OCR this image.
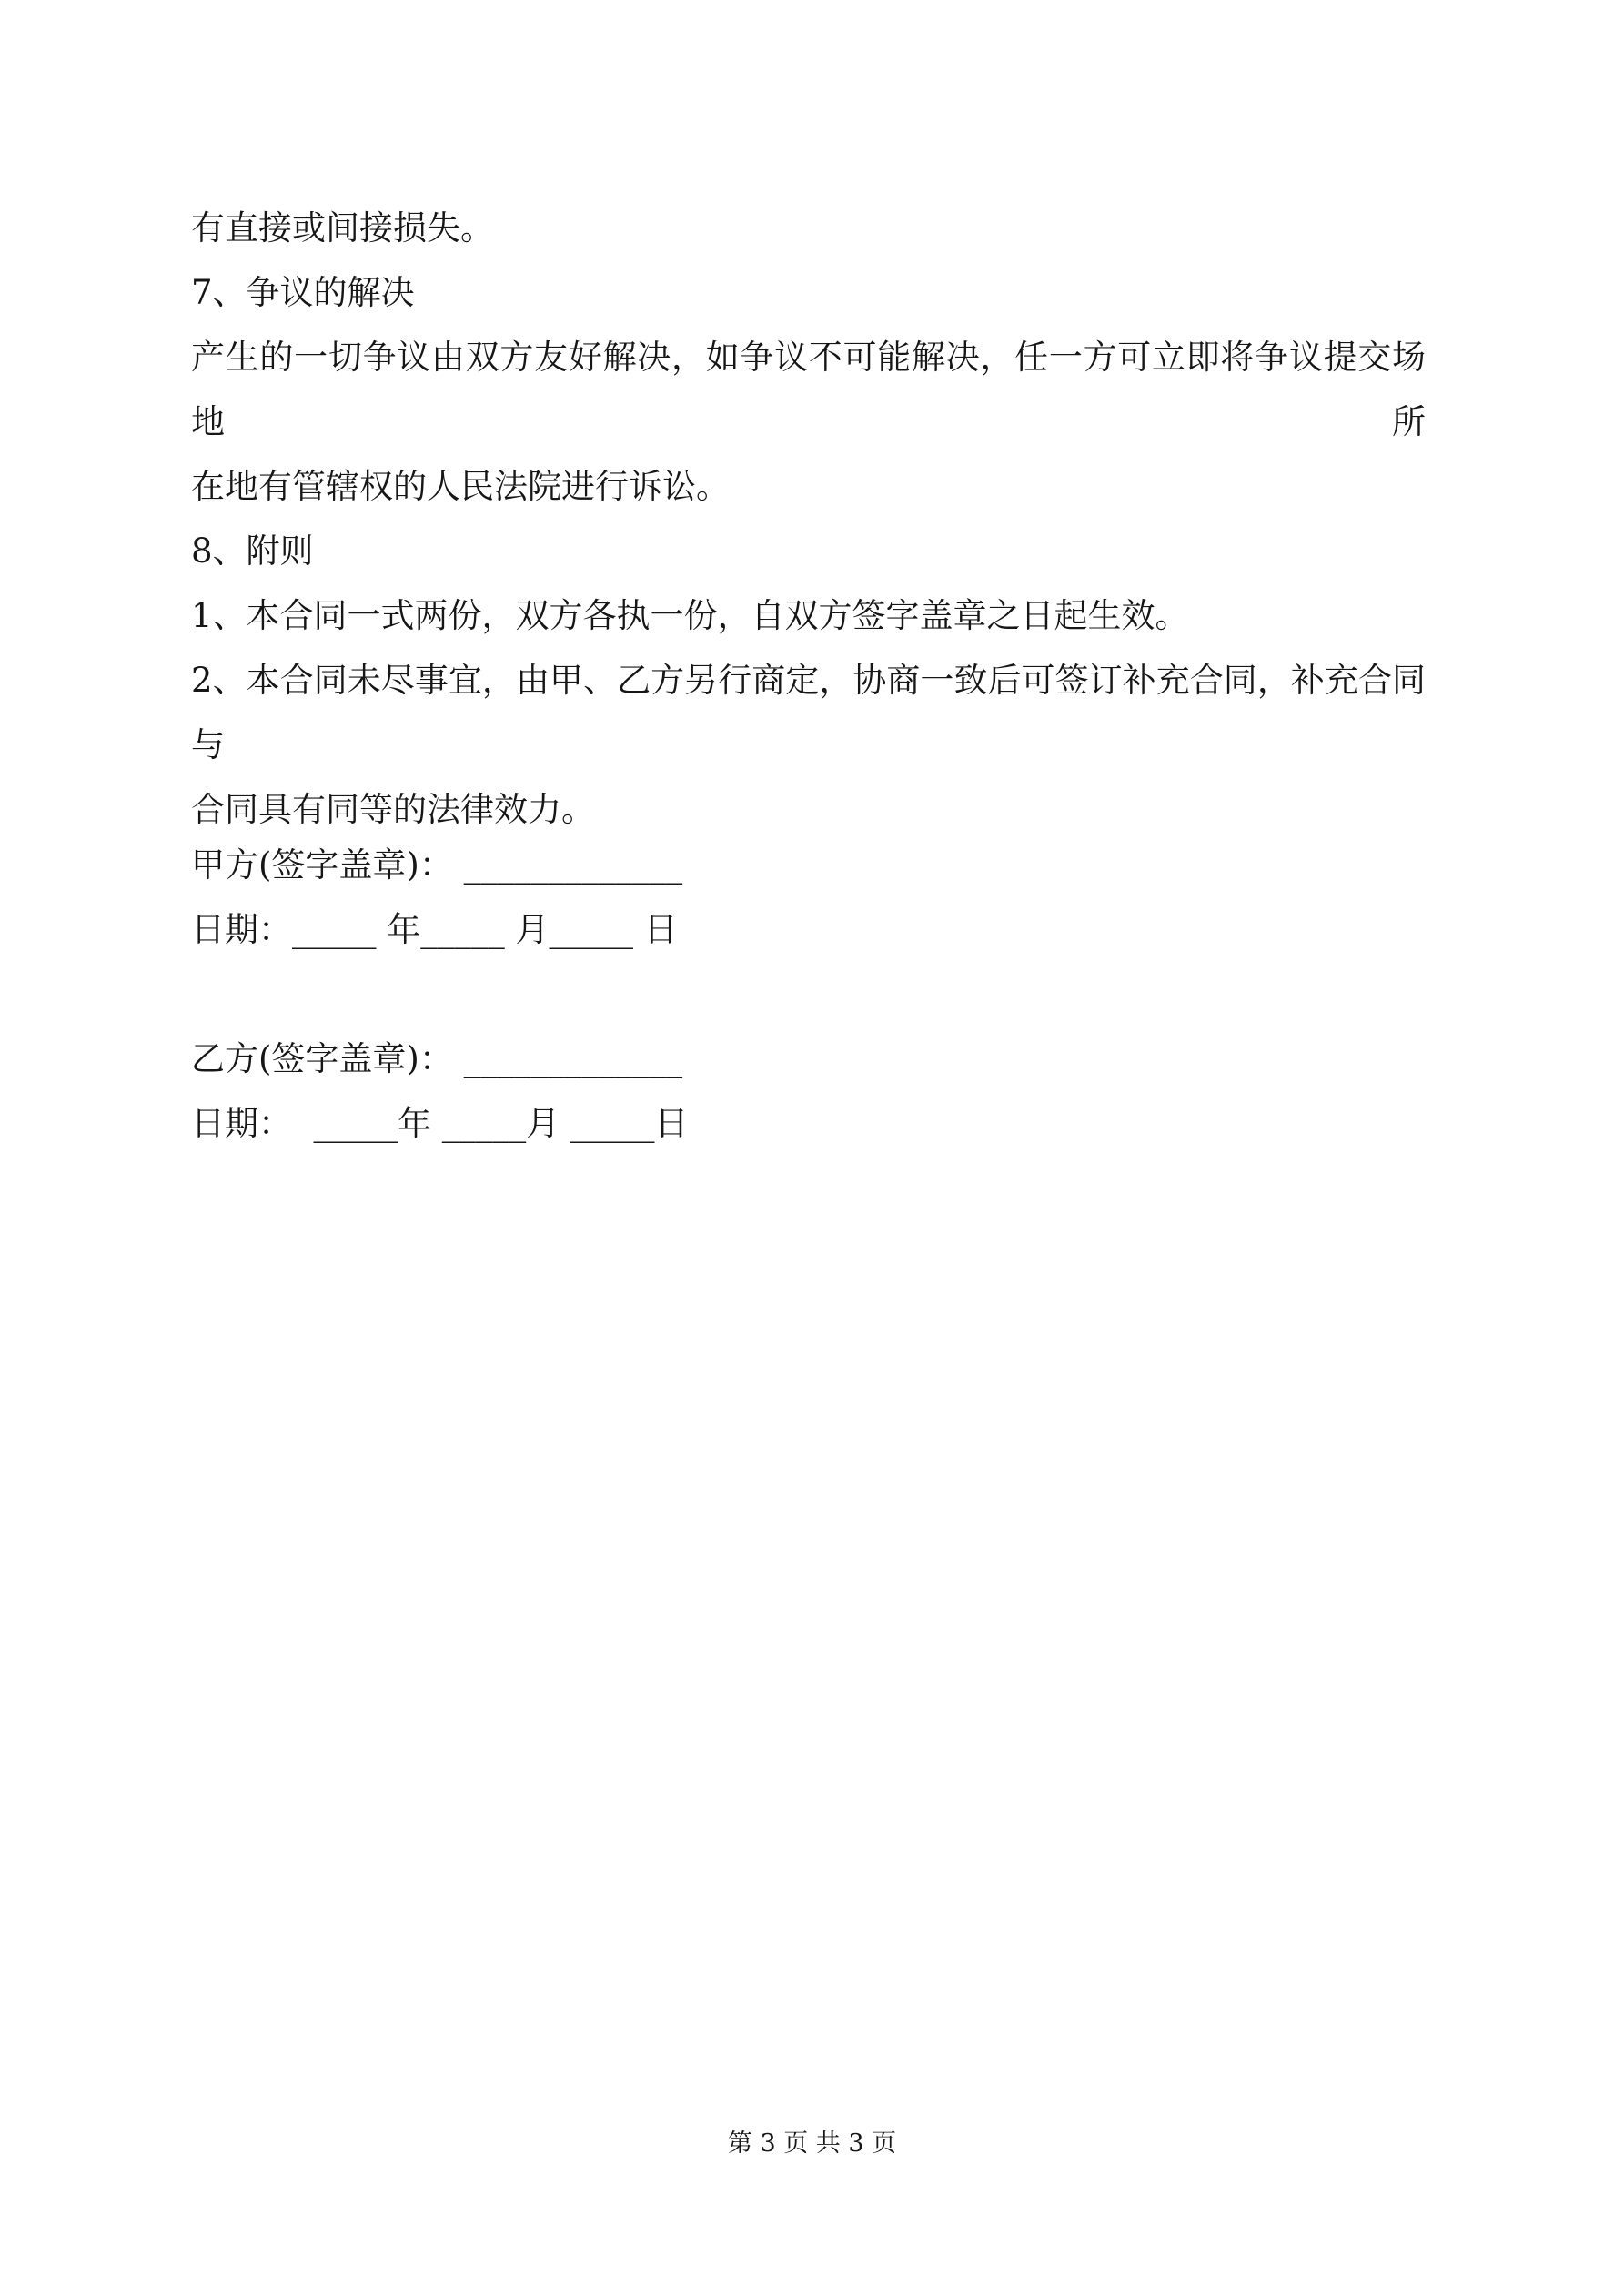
有直接或间接损失。
7、争议的解决
产生的一切争议由双方友好解决，如争议不可能解决，任一方可立即将争议提交场地所
在地有管辖权的人民法院进行诉讼。
8、附则
1、本合同一式两份，双方各执一份，自双方签字盖章之日起生效。
2、本合同未尽事宜，由甲、乙方另行商定，协商一致后可签订补充合同，补充合同与
合同具有同等的法律效力。
甲方(签字盖章)： _____________
日期：_____ 年_____ 月_____ 日
乙方(签字盖章)： _____________
日期：  _____年 _____月 _____日
第 3 页 共 3 页
